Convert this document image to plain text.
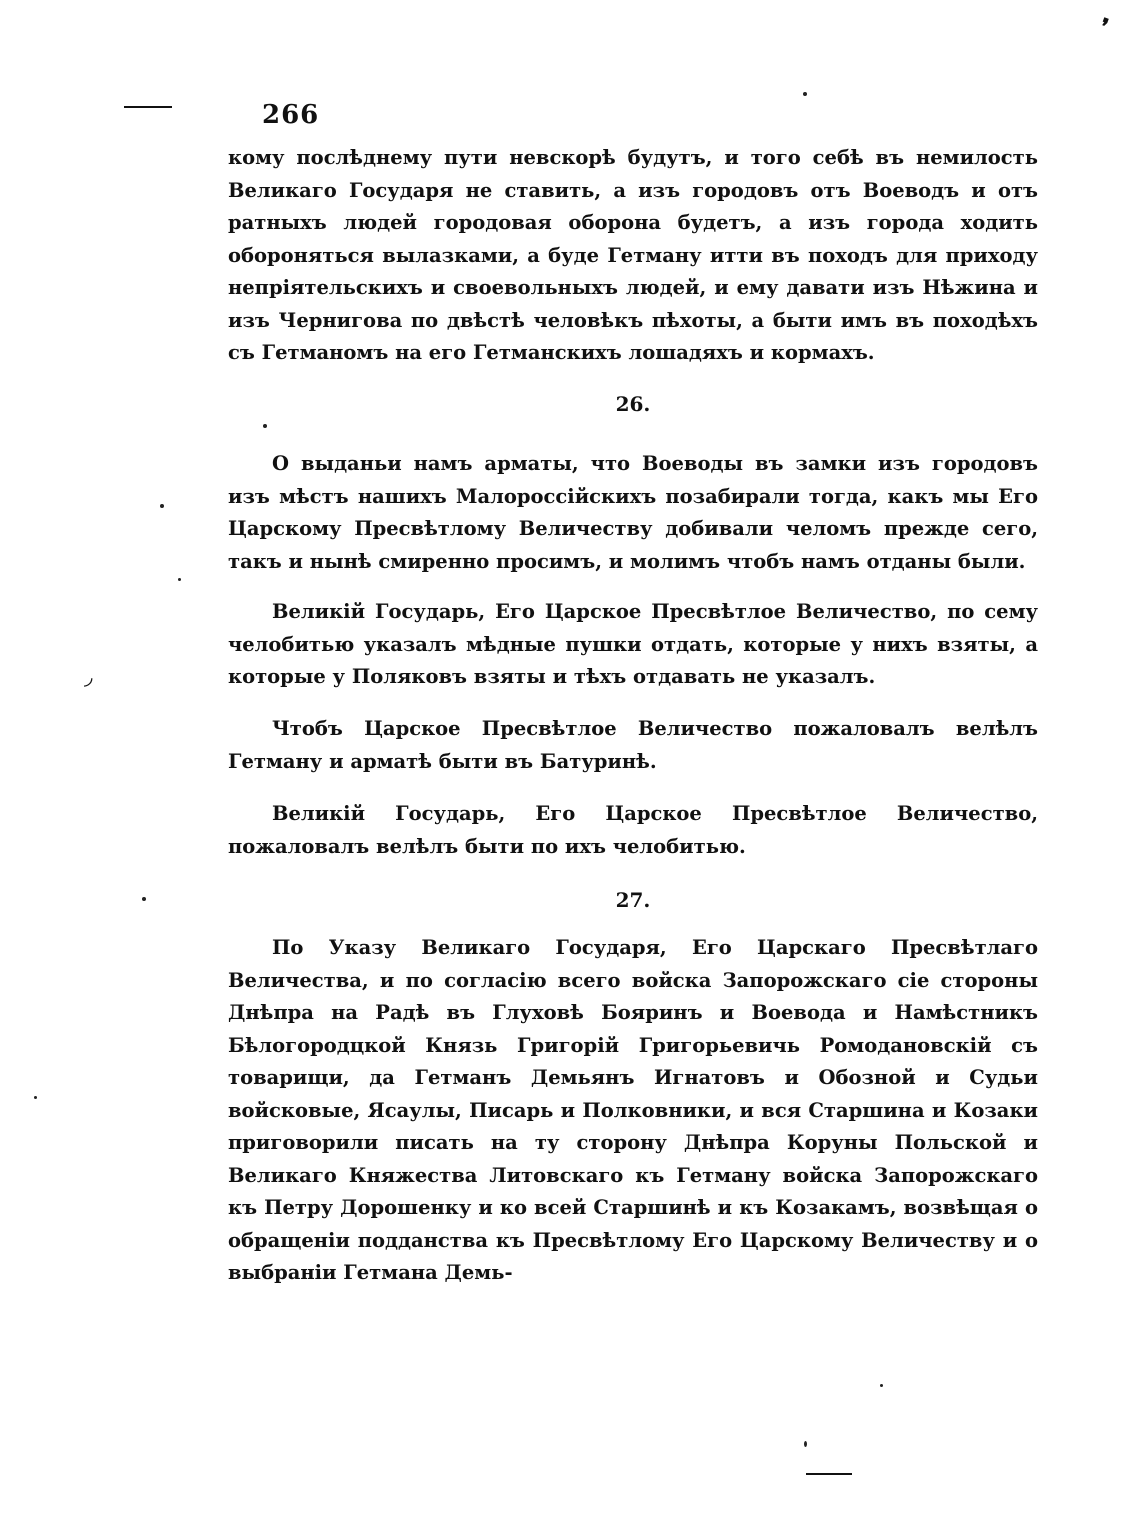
266
кому послѣднему пути невскорѣ будутъ, и того себѣ въ немилость Великаго Государя не ставить, а изъ городовъ отъ Воеводъ и отъ ратныхъ людей городовая оборона будетъ, а изъ города ходить обороняться вылазками, а буде Гетману итти въ походъ для приходу непріятельскихъ и своевольныхъ людей, и ему давати изъ Нѣжина и изъ Чернигова по двѣстѣ человѣкъ пѣхоты, а быти имъ въ походѣхъ съ Гетманомъ на его Гетманскихъ лошадяхъ и кормахъ.
26.
О выданьи намъ арматы, что Воеводы въ замки изъ городовъ изъ мѣстъ нашихъ Малороссійскихъ позабирали тогда, какъ мы Его Царскому Пресвѣтлому Величеству добивали челомъ прежде сего, такъ и нынѣ смиренно просимъ, и молимъ чтобъ намъ отданы были.
Великій Государь, Его Царское Пресвѣтлое Величество, по сему челобитью указалъ мѣдные пушки отдать, которые у нихъ взяты, а которые у Поляковъ взяты и тѣхъ отдавать не указалъ.
Чтобъ Царское Пресвѣтлое Величество пожаловалъ велѣлъ Гетману и арматѣ быти въ Батуринѣ.
Великій Государь, Его Царское Пресвѣтлое Величество, пожаловалъ велѣлъ быти по ихъ челобитью.
27.
По Указу Великаго Государя, Его Царскаго Пресвѣтлаго Величества, и по согласію всего войска Запорожскаго сіе стороны Днѣпра на Радѣ въ Глуховѣ Бояринъ и Воевода и Намѣстникъ Бѣлогородцкой Князь Григорій Григорьевичь Ромодановскій съ товарищи, да Гетманъ Демьянъ Игнатовъ и Обозной и Судьи войсковые, Ясаулы, Писарь и Полковники, и вся Старшина и Козаки приговорили писать на ту сторону Днѣпра Коруны Польской и Великаго Княжества Литовскаго къ Гетману войска Запорожскаго къ Петру Дорошенку и ко всей Старшинѣ и къ Козакамъ, возвѣщая о обращеніи подданства къ Пресвѣтлому Его Царскому Величеству и о выбраніи Гетмана Демь-
❜
◞
